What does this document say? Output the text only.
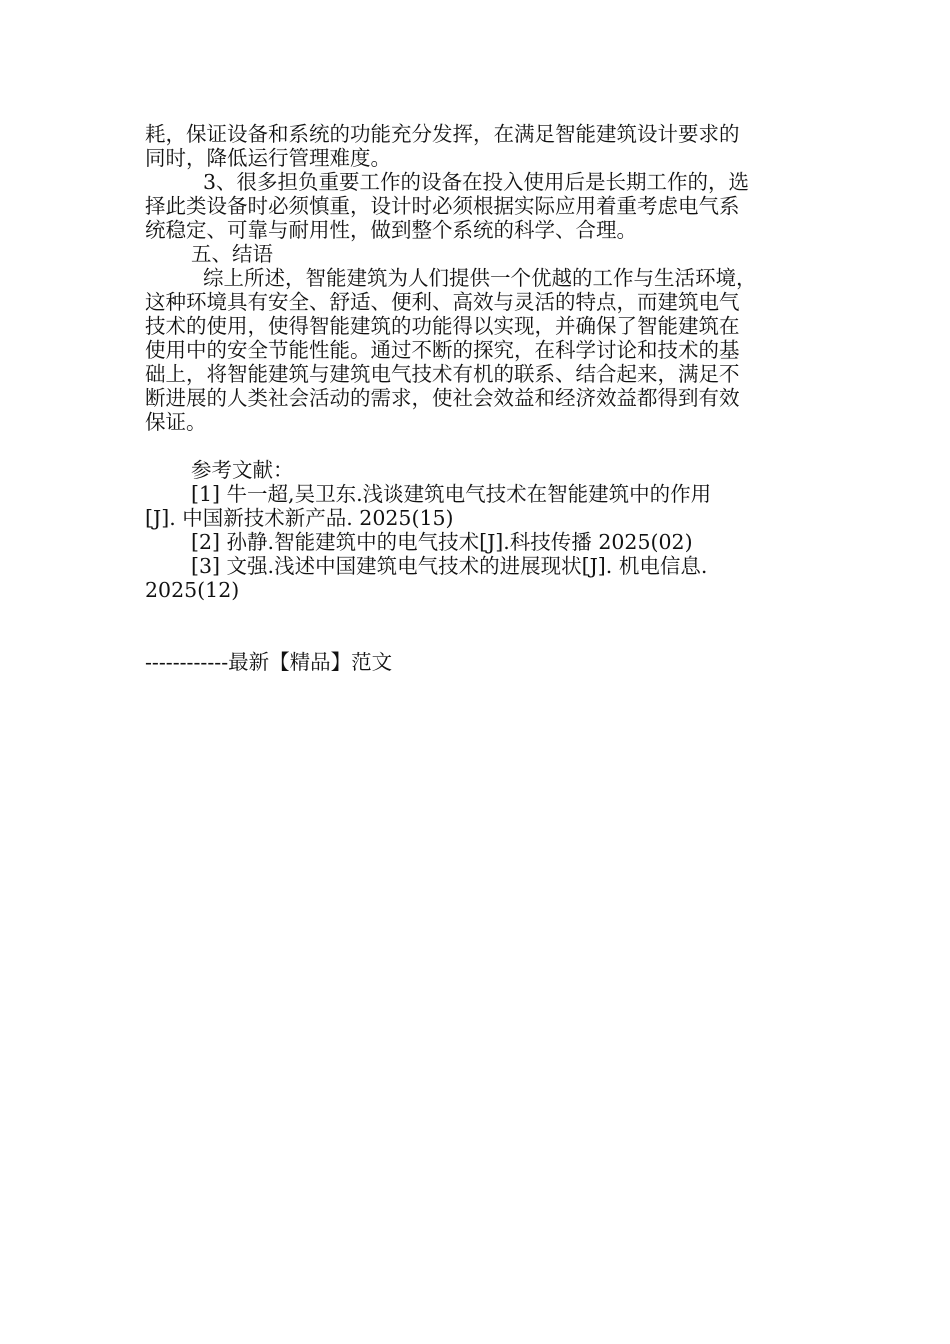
耗，保证设备和系统的功能充分发挥，在满足智能建筑设计要求的
同时，降低运行管理难度。
3、很多担负重要工作的设备在投入使用后是长期工作的，选
择此类设备时必须慎重，设计时必须根据实际应用着重考虑电气系
统稳定、可靠与耐用性，做到整个系统的科学、合理。
五、结语
综上所述，智能建筑为人们提供一个优越的工作与生活环境，
这种环境具有安全、舒适、便利、高效与灵活的特点，而建筑电气
技术的使用，使得智能建筑的功能得以实现，并确保了智能建筑在
使用中的安全节能性能。通过不断的探究，在科学讨论和技术的基
础上，将智能建筑与建筑电气技术有机的联系、结合起来，满足不
断进展的人类社会活动的需求，使社会效益和经济效益都得到有效
保证。
参考文献：
[1] 牛一超,吴卫东.浅谈建筑电气技术在智能建筑中的作用
[J]. 中国新技术新产品. 2025(15)
[2] 孙静.智能建筑中的电气技术[J].科技传播 2025(02)
[3] 文强.浅述中国建筑电气技术的进展现状[J]. 机电信息.
2025(12)
------------最新【精品】范文
